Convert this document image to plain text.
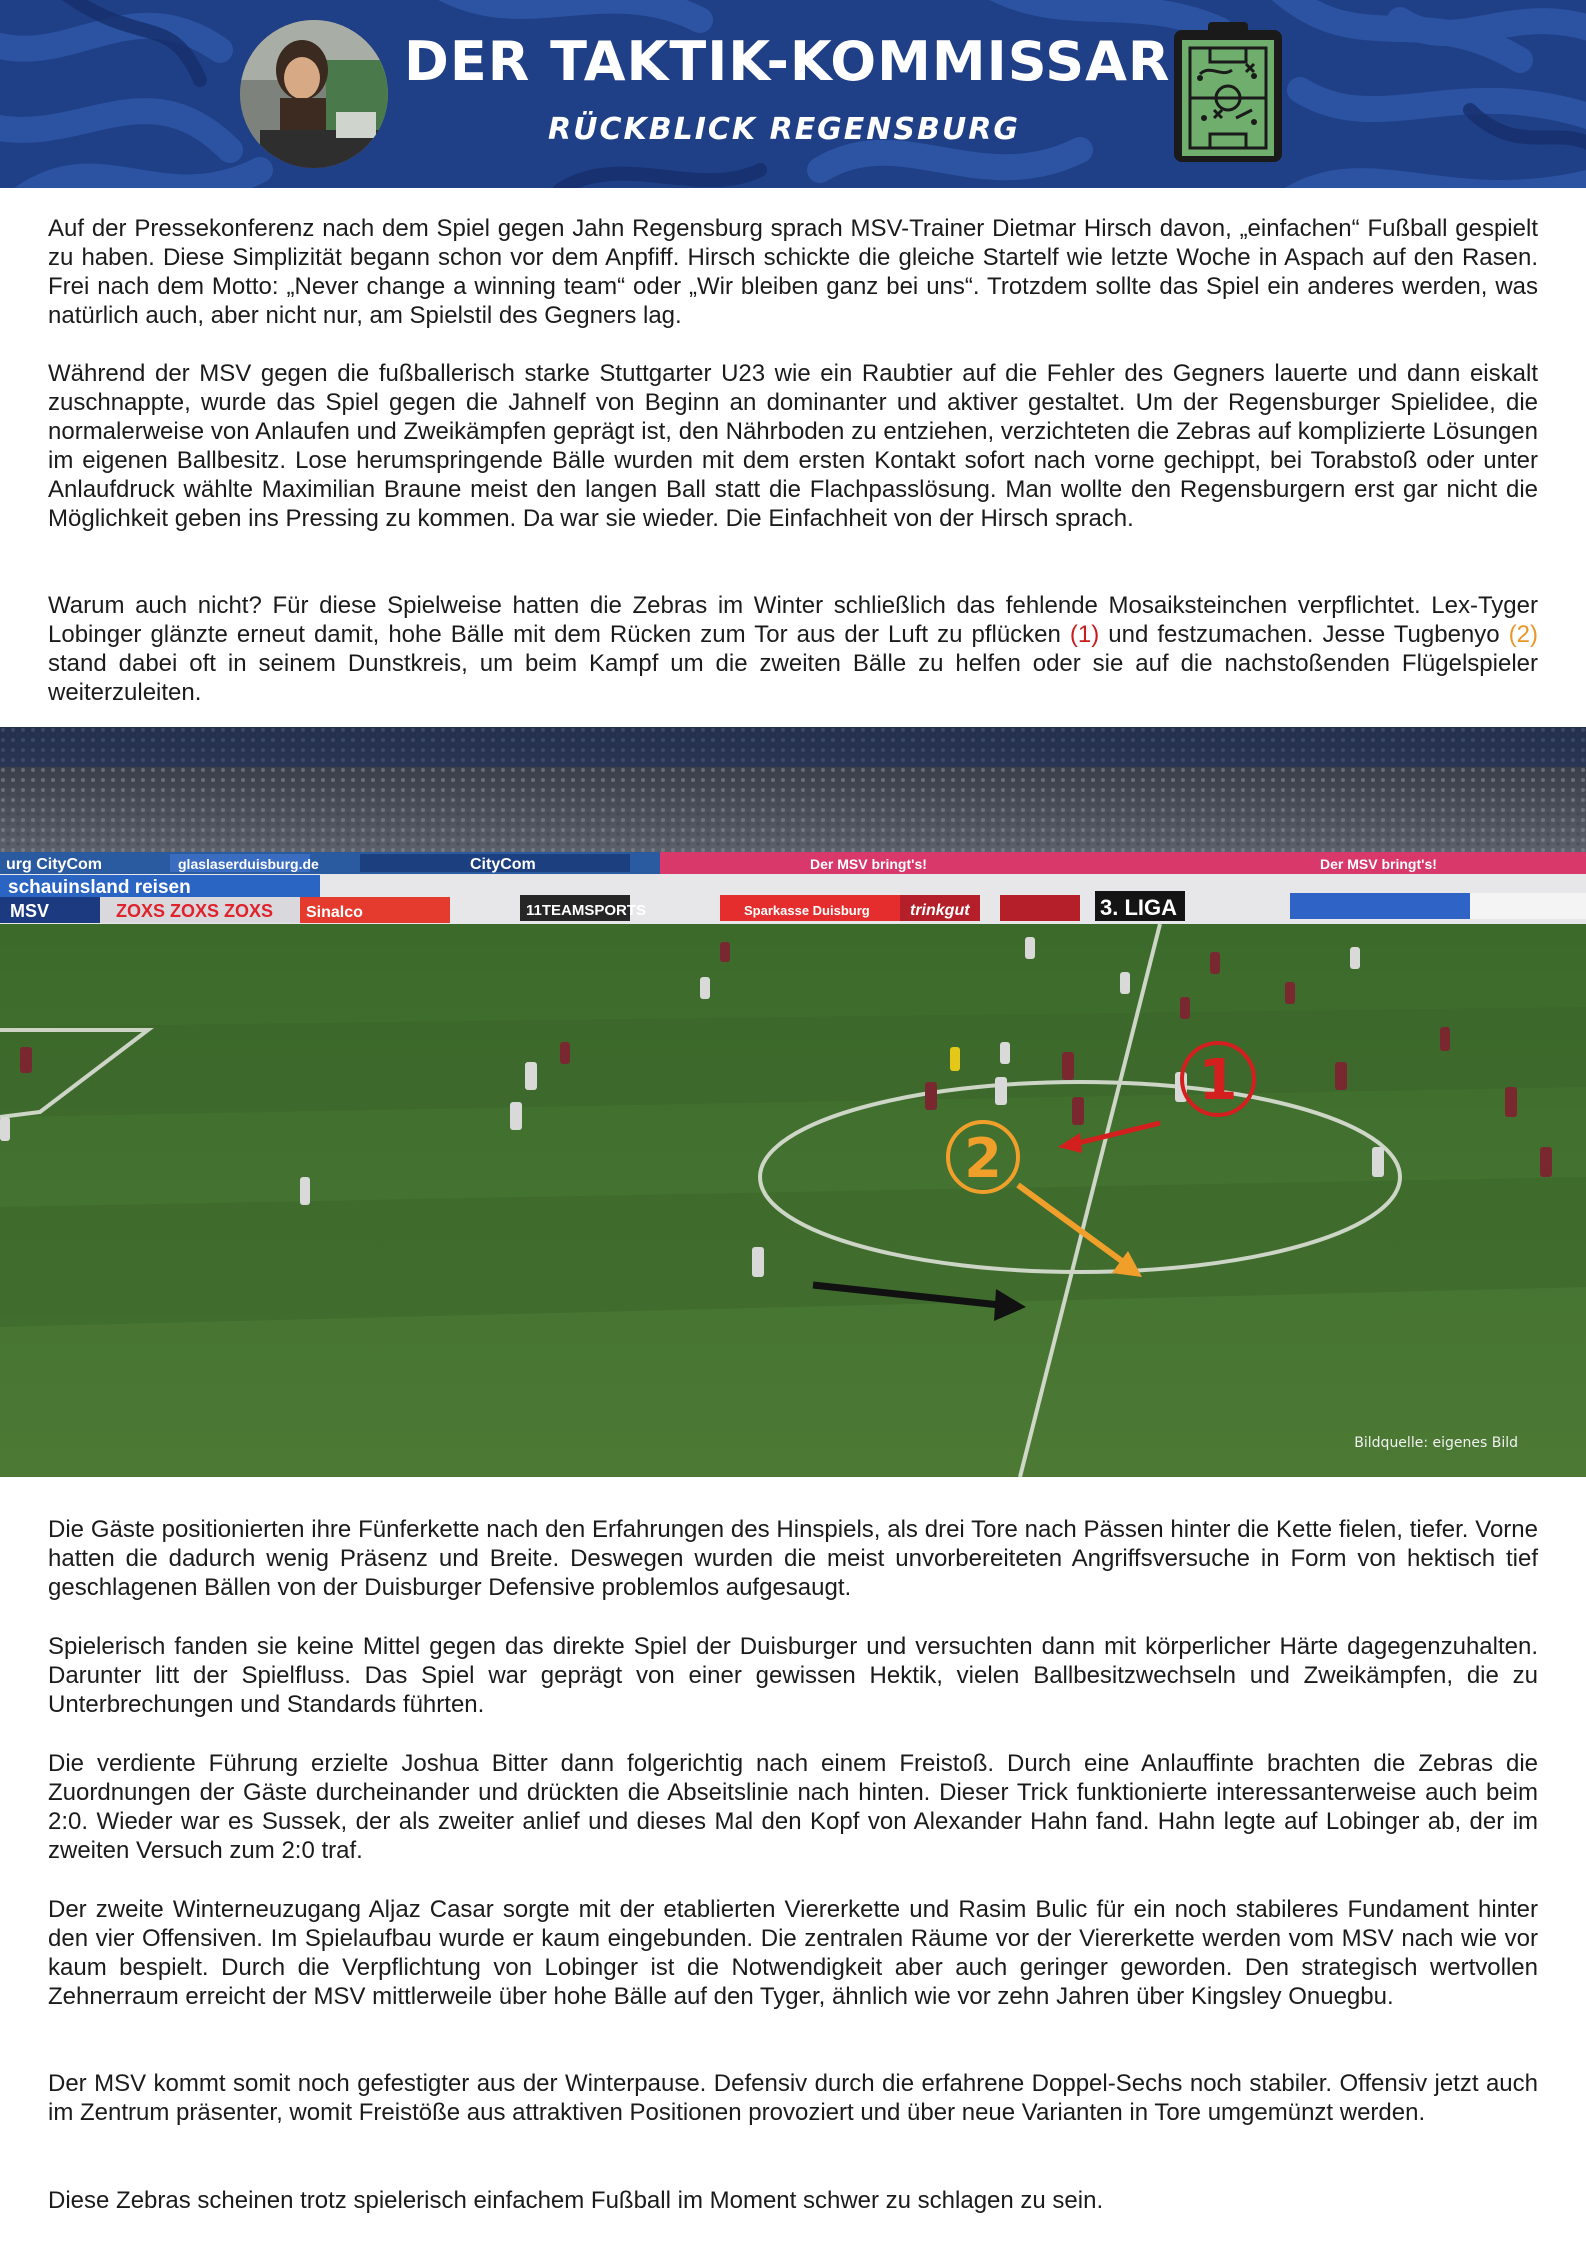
DER TAKTIK-KOMMISSAR
RÜCKBLICK REGENSBURG

Auf der Pressekonferenz nach dem Spiel gegen Jahn Regensburg sprach MSV-Trainer Dietmar Hirsch davon, „einfachen“ Fußball gespielt zu haben. Diese Simplizität begann schon vor dem Anpfiff. Hirsch schickte die gleiche Startelf wie letzte Woche in Aspach auf den Rasen. Frei nach dem Motto: „Never change a winning team“ oder „Wir bleiben ganz bei uns“. Trotzdem sollte das Spiel ein anderes werden, was natürlich auch, aber nicht nur, am Spielstil des Gegners lag.

Während der MSV gegen die fußballerisch starke Stuttgarter U23 wie ein Raubtier auf die Fehler des Gegners lauerte und dann eiskalt zuschnappte, wurde das Spiel gegen die Jahnelf von Beginn an dominanter und aktiver gestaltet. Um der Regensburger Spielidee, die normalerweise von Anlaufen und Zweikämpfen geprägt ist, den Nährboden zu entziehen, verzichteten die Zebras auf komplizierte Lösungen im eigenen Ballbesitz. Lose herumspringende Bälle wurden mit dem ersten Kontakt sofort nach vorne gechippt, bei Torabstoß oder unter Anlaufdruck wählte Maximilian Braune meist den langen Ball statt die Flachpasslösung. Man wollte den Regensburgern erst gar nicht die Möglichkeit geben ins Pressing zu kommen. Da war sie wieder. Die Einfachheit von der Hirsch sprach.

Warum auch nicht? Für diese Spielweise hatten die Zebras im Winter schließlich das fehlende Mosaiksteinchen verpflichtet. Lex-Tyger Lobinger glänzte erneut damit, hohe Bälle mit dem Rücken zum Tor aus der Luft zu pflücken (1) und festzumachen. Jesse Tugbenyo (2) stand dabei oft in seinem Dunstkreis, um beim Kampf um die zweiten Bälle zu helfen oder sie auf die nachstoßenden Flügelspieler weiterzuleiten.

urg CityCom	glaslaserduisburg.de	CityCom	Der MSV bringt's!
schauinsland reisen
ZOXS ZOXS ZOXS Sinalco	Sparkasse Duisburg	trinkgut	3. LIGA
MSV	11TEAMSPORTS
Der MSV bringt's!
1
2
Bildquelle: eigenes Bild

Die Gäste positionierten ihre Fünferkette nach den Erfahrungen des Hinspiels, als drei Tore nach Pässen hinter die Kette fielen, tiefer. Vorne hatten die dadurch wenig Präsenz und Breite. Deswegen wurden die meist unvorbereiteten Angriffsversuche in Form von hektisch tief geschlagenen Bällen von der Duisburger Defensive problemlos aufgesaugt.

Spielerisch fanden sie keine Mittel gegen das direkte Spiel der Duisburger und versuchten dann mit körperlicher Härte dagegenzuhalten. Darunter litt der Spielfluss. Das Spiel war geprägt von einer gewissen Hektik, vielen Ballbesitzwechseln und Zweikämpfen, die zu Unterbrechungen und Standards führten.

Die verdiente Führung erzielte Joshua Bitter dann folgerichtig nach einem Freistoß. Durch eine Anlauffinte brachten die Zebras die Zuordnungen der Gäste durcheinander und drückten die Abseitslinie nach hinten. Dieser Trick funktionierte interessanterweise auch beim 2:0. Wieder war es Sussek, der als zweiter anlief und dieses Mal den Kopf von Alexander Hahn fand. Hahn legte auf Lobinger ab, der im zweiten Versuch zum 2:0 traf.

Der zweite Winterneuzugang Aljaz Casar sorgte mit der etablierten Viererkette und Rasim Bulic für ein noch stabileres Fundament hinter den vier Offensiven. Im Spielaufbau wurde er kaum eingebunden. Die zentralen Räume vor der Viererkette werden vom MSV nach wie vor kaum bespielt. Durch die Verpflichtung von Lobinger ist die Notwendigkeit aber auch geringer geworden. Den strategisch wertvollen Zehnerraum erreicht der MSV mittlerweile über hohe Bälle auf den Tyger, ähnlich wie vor zehn Jahren über Kingsley Onuegbu.

Der MSV kommt somit noch gefestigter aus der Winterpause. Defensiv durch die erfahrene Doppel-Sechs noch stabiler. Offensiv jetzt auch im Zentrum präsenter, womit Freistöße aus attraktiven Positionen provoziert und über neue Varianten in Tore umgemünzt werden.

Diese Zebras scheinen trotz spielerisch einfachem Fußball im Moment schwer zu schlagen zu sein.
